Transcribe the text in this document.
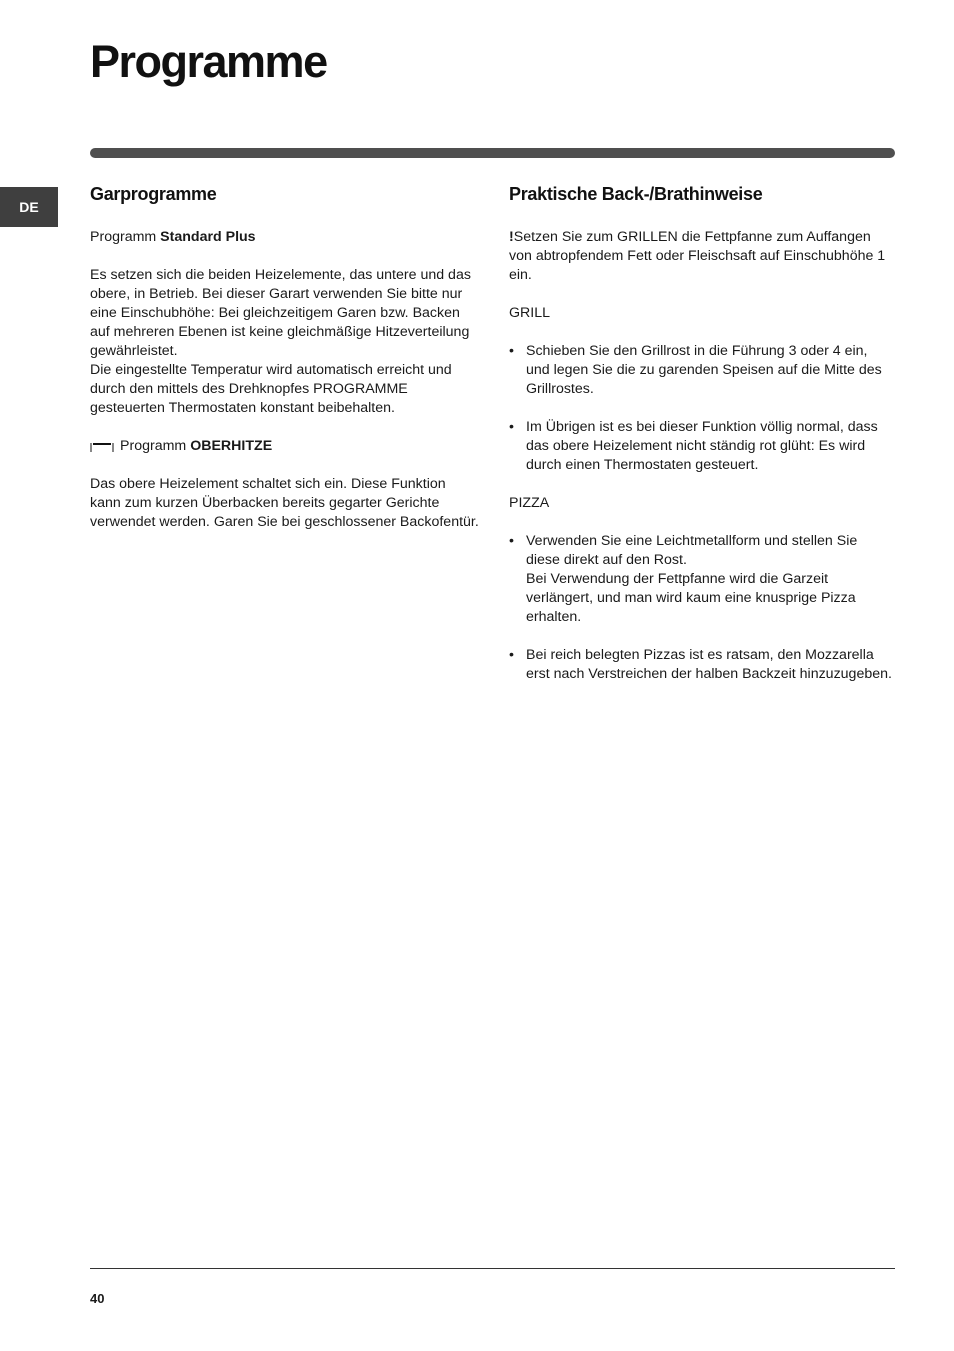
Programme
DE
Garprogramme

Programm Standard Plus

Es setzen sich die beiden Heizelemente, das untere und das obere, in Betrieb. Bei dieser Garart verwenden Sie bitte nur eine Einschubhöhe: Bei gleichzeitigem Garen bzw. Backen auf mehreren Ebenen ist keine gleichmäßige Hitzeverteilung gewährleistet.

Die eingestellte Temperatur wird automatisch erreicht und durch den mittels des Drehknopfes PROGRAMME gesteuerten Thermostaten konstant beibehalten.

Programm
OBERHITZE

Das obere Heizelement schaltet sich ein. Diese Funktion kann zum kurzen Überbacken bereits gegarter Gerichte verwendet werden. Garen Sie bei geschlossener Backofentür.

Praktische Back-/Brathinweise

!Setzen Sie zum GRILLEN die Fettpfanne zum Auffangen von abtropfendem Fett oder Fleischsaft auf Einschubhöhe 1 ein.

GRILL

• Schieben Sie den Grillrost in die Führung 3 oder 4 ein, und legen Sie die zu garenden Speisen auf die Mitte des Grillrostes.
• Im Übrigen ist es bei dieser Funktion völlig normal, dass das obere Heizelement nicht ständig rot glüht: Es wird durch einen Thermostaten gesteuert.

PIZZA

• Verwenden Sie eine Leichtmetallform und stellen Sie diese direkt auf den Rost.
Bei Verwendung der Fettpfanne wird die Garzeit verlängert, und man wird kaum eine knusprige Pizza erhalten.
• Bei reich belegten Pizzas ist es ratsam, den Mozzarella erst nach Verstreichen der halben Backzeit hinzuzugeben.
40
